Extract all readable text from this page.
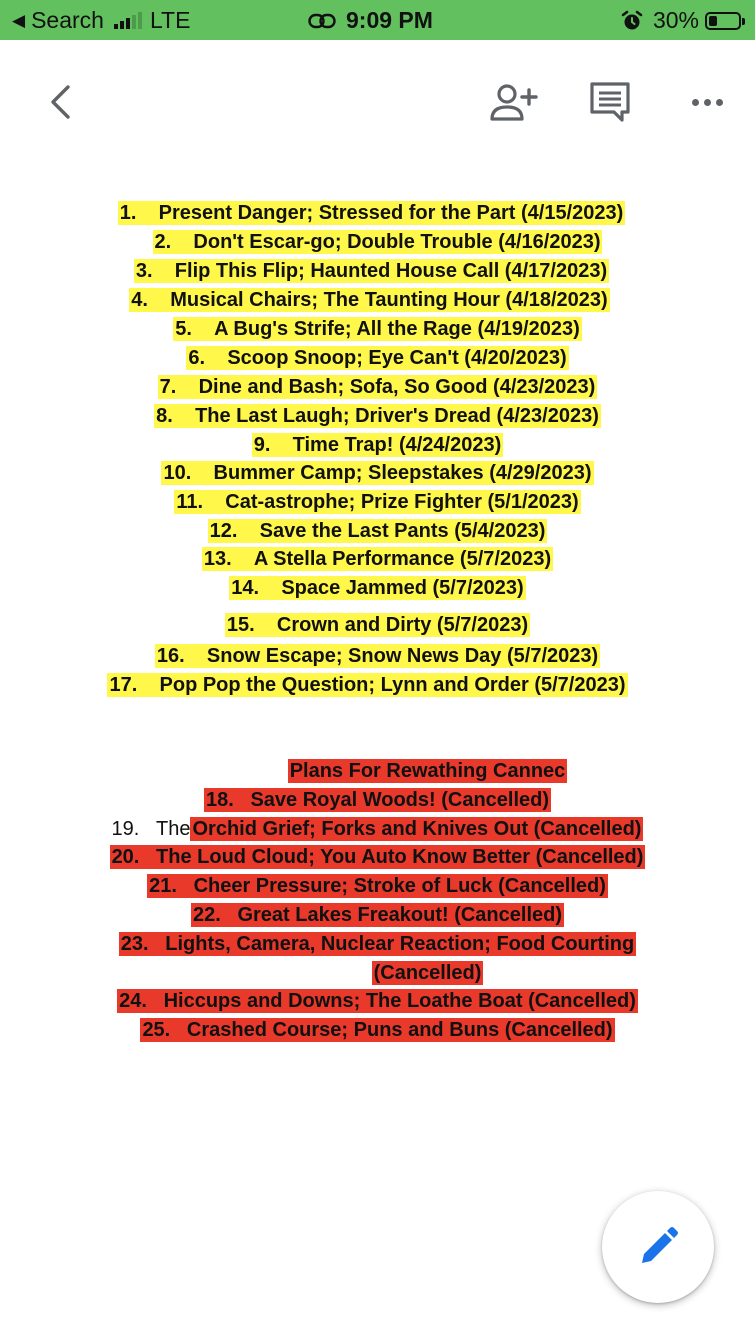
◀ Search LTE	9:09 PM	30%
1. Present Danger; Stressed for the Part (4/15/2023)
2. Don't Escar-go; Double Trouble (4/16/2023)
3. Flip This Flip; Haunted House Call (4/17/2023)
4. Musical Chairs; The Taunting Hour (4/18/2023)
5. A Bug's Strife; All the Rage (4/19/2023)
6. Scoop Snoop; Eye Can't (4/20/2023)
7. Dine and Bash; Sofa, So Good (4/23/2023)
8. The Last Laugh; Driver's Dread (4/23/2023)
9. Time Trap! (4/24/2023)
10. Bummer Camp; Sleepstakes (4/29/2023)
11. Cat-astrophe; Prize Fighter (5/1/2023)
12. Save the Last Pants (5/4/2023)
13. A Stella Performance (5/7/2023)
14. Space Jammed (5/7/2023)
15. Crown and Dirty (5/7/2023)
16. Snow Escape; Snow News Day (5/7/2023)
17. Pop Pop the Question; Lynn and Order (5/7/2023)
Plans For Rewathing Cannec
18. Save Royal Woods! (Cancelled)
19. The Orchid Grief; Forks and Knives Out (Cancelled)
20. The Loud Cloud; You Auto Know Better (Cancelled)
21. Cheer Pressure; Stroke of Luck (Cancelled)
22. Great Lakes Freakout! (Cancelled)
23. Lights, Camera, Nuclear Reaction; Food Courting
(Cancelled)
24. Hiccups and Downs; The Loathe Boat (Cancelled)
25. Crashed Course; Puns and Buns (Cancelled)
